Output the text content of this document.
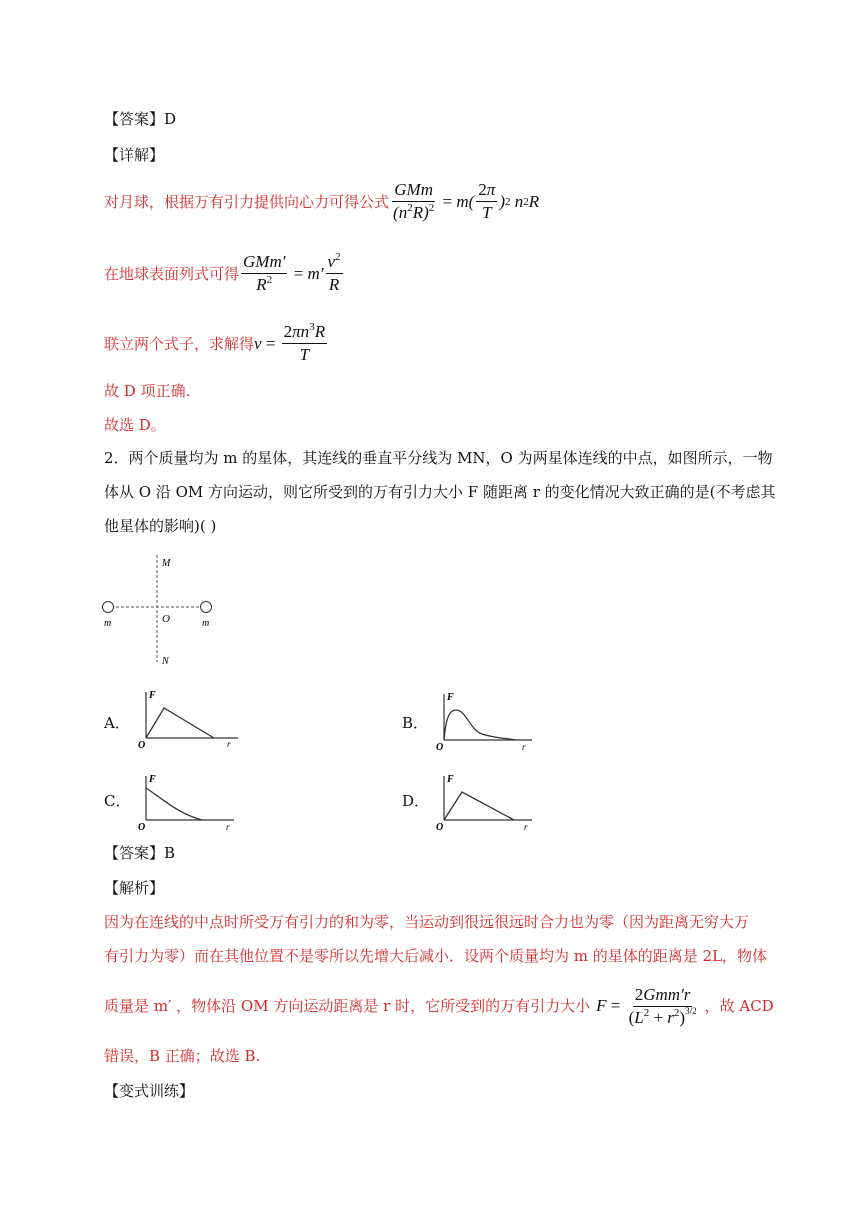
【答案】D
【详解】
对月球，根据万有引力提供向心力可得公式 $\frac{\text{GMm}}{(n^2R)^2} = m( \frac{2\pi}{T}$ ) 2 n 2 R
在地球表面列式可得 $\frac{\text{GMm′}}{R^2} = m' \frac{v^2}{R}$
联立两个式子，求解得 $v = \frac{2\pi n^3R}{T}$
故 D 项正确.
故选 D。
2．两个质量均为 m 的星体，其连线的垂直平分线为 MN，O 为两星体连线的中点，如图所示，一物
体从 O 沿 OM 方向运动，则它所受到的万有引力大小 F 随距离 r 的变化情况大致正确的是(不考虑其
他星体的影响)( )
m	m
O
M
N
A．
F
O	r
B．
F
O	r
C．
F
O	r
D．
F
O	r
【答案】B
【解析】
因为在连线的中点时所受万有引力的和为零，当运动到很远很远时合力也为零（因为距离无穷大万
有引力为零）而在其他位置不是零所以先增大后减小．设两个质量均为 m 的星体的距离是 2L，物体
质量是 m′ ，物体沿 OM 方向运动距离是 r 时，它所受到的万有引力大小 $F = \frac{\text{2Gmm′r}}{(L^2 + r^2)^{3/2}}$ ，故 ACD
错误，B 正确；故选 B.
【变式训练】
